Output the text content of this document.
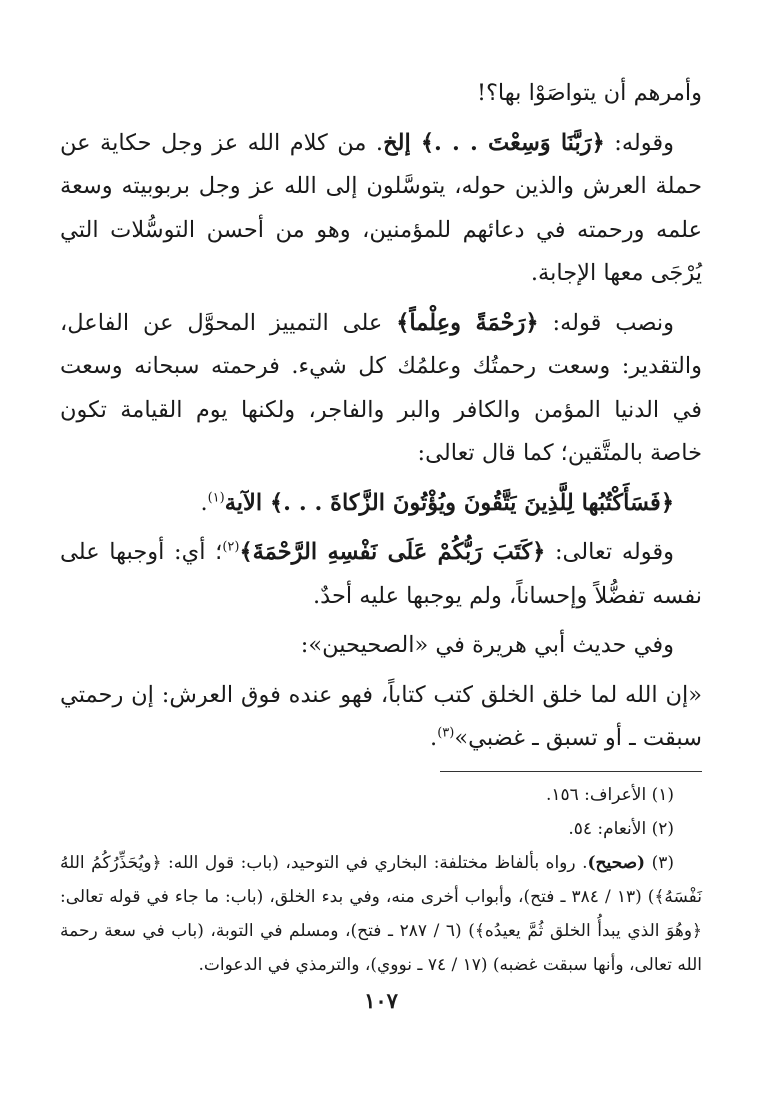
وأمرهم أن يتواصَوْا بها؟!

وقوله: ﴿رَبَّنَا وَسِعْتَ . . .﴾ إلخ. من كلام الله عز وجل حكاية عن حملة العرش والذين حوله، يتوسَّلون إلى الله عز وجل بربوبيته وسعة علمه ورحمته في دعائهم للمؤمنين، وهو من أحسن التوسُّلات التي يُرْجَى معها الإجابة.

ونصب قوله: ﴿رَحْمَةً وعِلْماً﴾ على التمييز المحوَّل عن الفاعل، والتقدير: وسعت رحمتُك وعلمُك كل شيء. فرحمته سبحانه وسعت في الدنيا المؤمن والكافر والبر والفاجر، ولكنها يوم القيامة تكون خاصة بالمتَّقين؛ كما قال تعالى:

﴿فَسَأَكْتُبُها لِلَّذِينَ يَتَّقُونَ ويُؤْتُونَ الزَّكاةَ . . .﴾ الآية$^{(١)}$.

وقوله تعالى: ﴿كَتَبَ رَبُّكُمْ عَلَى نَفْسِهِ الرَّحْمَةَ﴾$^{(٢)}$؛ أي: أوجبها على نفسه تفضُّلاً وإحساناً، ولم يوجبها عليه أحدٌ.

وفي حديث أبي هريرة في «الصحيحين»:

«إن الله لما خلق الخلق كتب كتاباً، فهو عنده فوق العرش: إن رحمتي سبقت ـ أو تسبق ـ غضبي»$^{(٣)}$.

(١) الأعراف: ١٥٦.

(٢) الأنعام: ٥٤.

(٣) (صحيح). رواه بألفاظ مختلفة: البخاري في التوحيد، (باب: قول الله: ﴿ويُحَذِّرُكُمُ اللهُ نَفْسَهُ﴾) (١٣ / ٣٨٤ ـ فتح)، وأبواب أخرى منه، وفي بدء الخلق، (باب: ما جاء في قوله تعالى: ﴿وهُوَ الذي يبدأُ الخلق ثُمَّ يعيدُه﴾) (٦ / ٢٨٧ ـ فتح)، ومسلم في التوبة، (باب في سعة رحمة الله تعالى، وأنها سبقت غضبه) (١٧ / ٧٤ ـ نووي)، والترمذي في الدعوات.

١٠٧
